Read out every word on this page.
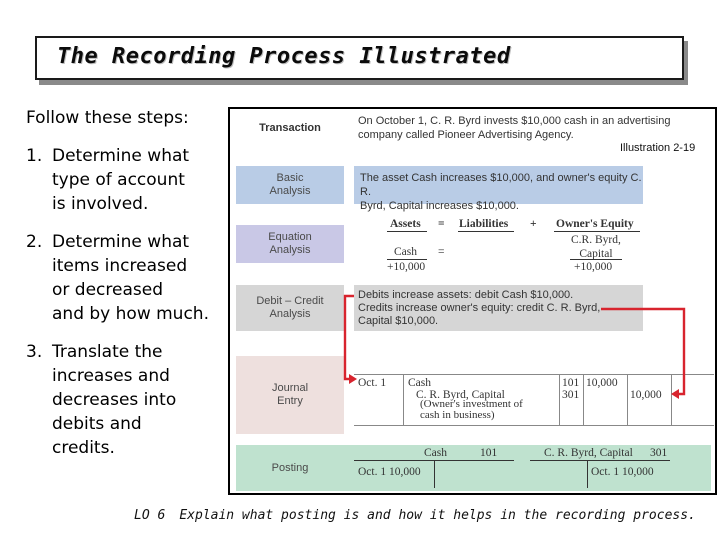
The Recording Process Illustrated
Follow these steps:
1. Determine what
type of account
is involved.
2. Determine what
items increased
or decreased
and by how much.
3. Translate the
increases and
decreases into
debits and
credits.
Transaction
On October 1, C. R. Byrd invests $10,000 cash in an advertising
company called Pioneer Advertising Agency.
Basic
Analysis
The asset Cash increases $10,000, and owner's equity C. R.
Byrd, Capital increases $10,000.
Equation
Analysis
Assets = Liabilities + Owner's Equity
Cash
+10,000
=
C.R. Byrd,
Capital
+10,000
Debit – Credit
Analysis
Debits increase assets: debit Cash $10,000.
Credits increase owner's equity: credit C. R. Byrd,
Capital $10,000.
Journal
Entry
Oct. 1 Cash
C. R. Byrd, Capital
(Owner's investment of
cash in business)
101
301
10,000
10,000
Posting
Cash	101
Oct. 1 10,000
C. R. Byrd, Capital 301
Oct. 1 10,000
Illustration 2-19
LO 6 Explain what posting is and how it helps in the recording process.
